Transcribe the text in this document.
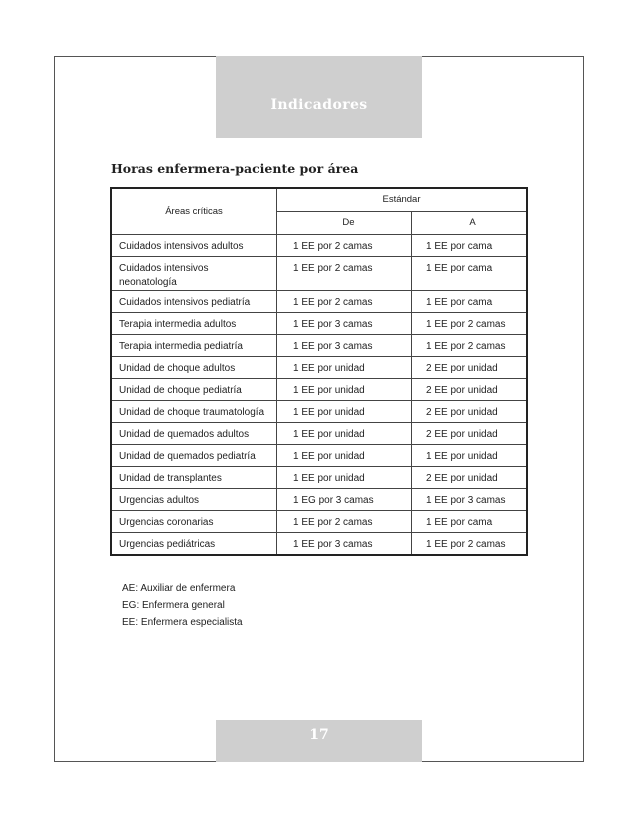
Indicadores
Horas enfermera-paciente por área
Áreas críticas	Estándar	
	De	A
Cuidados intensivos adultos	1 EE por 2 camas	1 EE por cama
Cuidados intensivos neonatología	1 EE por 2 camas	1 EE por cama
Cuidados intensivos pediatría	1 EE por 2 camas	1 EE por cama
Terapia intermedia adultos	1 EE por 3 camas	1 EE por 2 camas
Terapia intermedia pediatría	1 EE por 3 camas	1 EE por 2 camas
Unidad de choque adultos	1 EE por unidad	2 EE por unidad
Unidad de choque pediatría	1 EE por unidad	2 EE por unidad
Unidad de choque traumatología	1 EE por unidad	2 EE por unidad
Unidad de quemados adultos	1 EE por unidad	2 EE por unidad
Unidad de quemados pediatría	1 EE por unidad	1 EE por unidad
Unidad de transplantes	1 EE por unidad	2 EE por unidad
Urgencias adultos	1 EG por 3 camas	1 EE por 3 camas
Urgencias coronarias	1 EE por 2 camas	1 EE por cama
Urgencias pediátricas	1 EE por 3 camas	1 EE por 2 camas
AE: Auxiliar de enfermera
EG: Enfermera general
EE: Enfermera especialista
17
